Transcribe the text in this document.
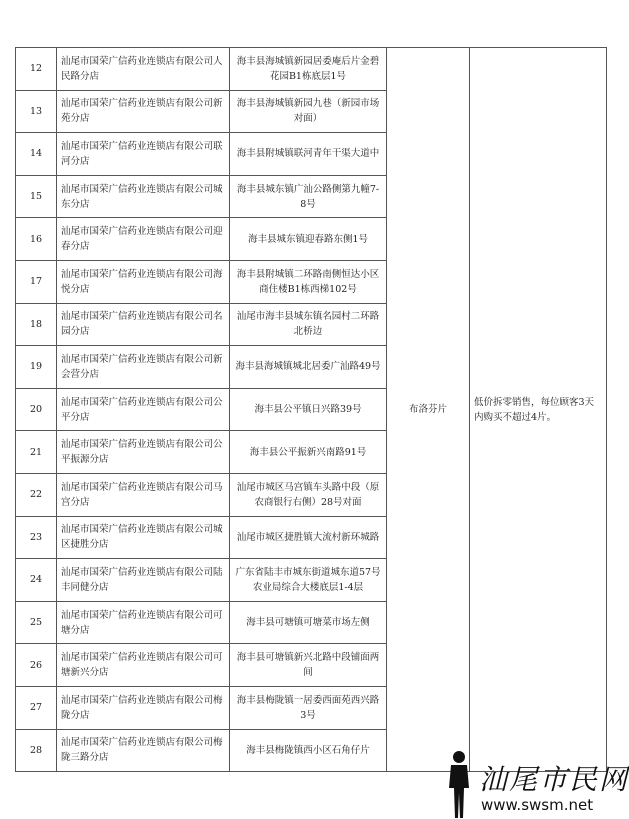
12	汕尾市国荣广信药业连锁店有限公司人民路分店	海丰县海城镇新园居委庵后片金碧花园B1栋底层1号	布洛芬片	低价拆零销售，每位顾客3天内购买不超过4片。
13	汕尾市国荣广信药业连锁店有限公司新苑分店	海丰县海城镇新园九巷（新园市场对面）		
14	汕尾市国荣广信药业连锁店有限公司联河分店	海丰县附城镇联河青年干渠大道中		
15	汕尾市国荣广信药业连锁店有限公司城东分店	海丰县城东镇广汕公路侧第九幢7-8号		
16	汕尾市国荣广信药业连锁店有限公司迎春分店	海丰县城东镇迎春路东侧1号		
17	汕尾市国荣广信药业连锁店有限公司海悦分店	海丰县附城镇二环路南侧恒达小区商住楼B1栋西梯102号		
18	汕尾市国荣广信药业连锁店有限公司名园分店	汕尾市海丰县城东镇名园村二环路北桥边		
19	汕尾市国荣广信药业连锁店有限公司新会营分店	海丰县海城镇城北居委广汕路49号		
20	汕尾市国荣广信药业连锁店有限公司公平分店	海丰县公平镇日兴路39号		
21	汕尾市国荣广信药业连锁店有限公司公平振源分店	海丰县公平振新兴南路91号		
22	汕尾市国荣广信药业连锁店有限公司马宫分店	汕尾市城区马宫镇车头路中段（原农商银行右侧）28号对面		
23	汕尾市国荣广信药业连锁店有限公司城区捷胜分店	汕尾市城区捷胜镇大流村新环城路		
24	汕尾市国荣广信药业连锁店有限公司陆丰同健分店	广东省陆丰市城东街道城东道57号农业局综合大楼底层1-4层		
25	汕尾市国荣广信药业连锁店有限公司可塘分店	海丰县可塘镇可塘菜市场左侧		
26	汕尾市国荣广信药业连锁店有限公司可塘新兴分店	海丰县可塘镇新兴北路中段铺面两间		
27	汕尾市国荣广信药业连锁店有限公司梅陇分店	海丰县梅陇镇一居委西面苑西兴路3号		
28	汕尾市国荣广信药业连锁店有限公司梅陇三路分店	海丰县梅陇镇西小区石角仔片		
汕尾市民网
www.swsm.net
